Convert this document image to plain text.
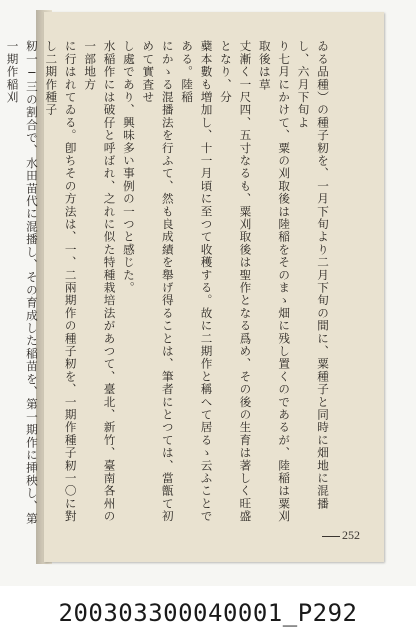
ゐる品種）の種子籾を、一月下旬より二月下旬の間に、粟種子と同時に畑地に混播し、六月下旬よ
り七月にかけて、粟の刈取後は陸稲をそのまゝ畑に残し置くのであるが、陸稲は粟刈取後は草
丈漸く一尺四、五寸なるも、粟刈取後は聖作となる爲め、その後の生育は著しく旺盛となり、分
蘗本數も増加し、十一月頃に至つて收穫する。故に二期作と稱へて居るゝ云ふことである。陸稲
にかゝる混播法を行ふて、然も良成績を舉げ得ることは、筆者にとつては、當甑て初めて實査せ
し處であり、興味多い事例の一つと感じた。
水稲作には破仔と呼ばれ、之れに似た特種栽培法があつて、臺北、新竹、臺南各州の一部地方
に行はれてゐる。卽ちその方法は、一、二兩期作の種子籾を、一期作種子籾一〇に對し二期作種子
籾一─三の割合で、水田苗代に混播し、その育成した稲苗を、第一期作に挿秧し、第一期作稲刈
252
200303300040001_P292
